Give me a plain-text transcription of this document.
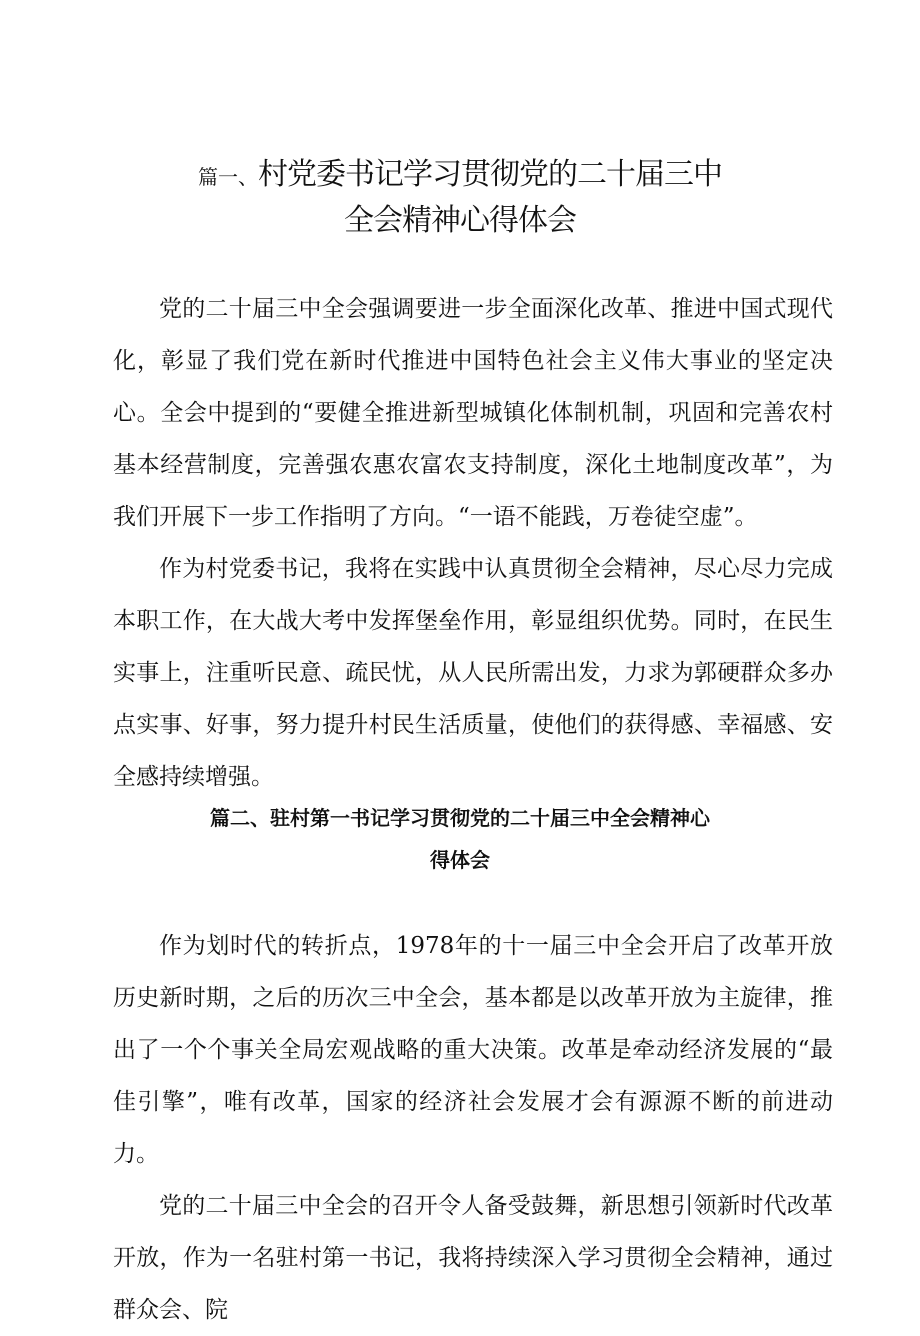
篇一、村党委书记学习贯彻党的二十届三中
全会精神心得体会

党的二十届三中全会强调要进一步全面深化改革、推进中国式现代化，彰显了我们党在新时代推进中国特色社会主义伟大事业的坚定决心。全会中提到的“要健全推进新型城镇化体制机制，巩固和完善农村基本经营制度，完善强农惠农富农支持制度，深化土地制度改革”，为我们开展下一步工作指明了方向。“一语不能践，万卷徒空虚”。

作为村党委书记，我将在实践中认真贯彻全会精神，尽心尽力完成本职工作，在大战大考中发挥堡垒作用，彰显组织优势。同时，在民生实事上，注重听民意、疏民忧，从人民所需出发，力求为郭硬群众多办点实事、好事，努力提升村民生活质量，使他们的获得感、幸福感、安全感持续增强。

篇二、驻村第一书记学习贯彻党的二十届三中全会精神心
得体会

作为划时代的转折点，1978年的十一届三中全会开启了改革开放历史新时期，之后的历次三中全会，基本都是以改革开放为主旋律，推出了一个个事关全局宏观战略的重大决策。改革是牵动经济发展的“最佳引擎”，唯有改革，国家的经济社会发展才会有源源不断的前进动力。

党的二十届三中全会的召开令人备受鼓舞，新思想引领新时代改革开放，作为一名驻村第一书记，我将持续深入学习贯彻全会精神，通过群众会、院
